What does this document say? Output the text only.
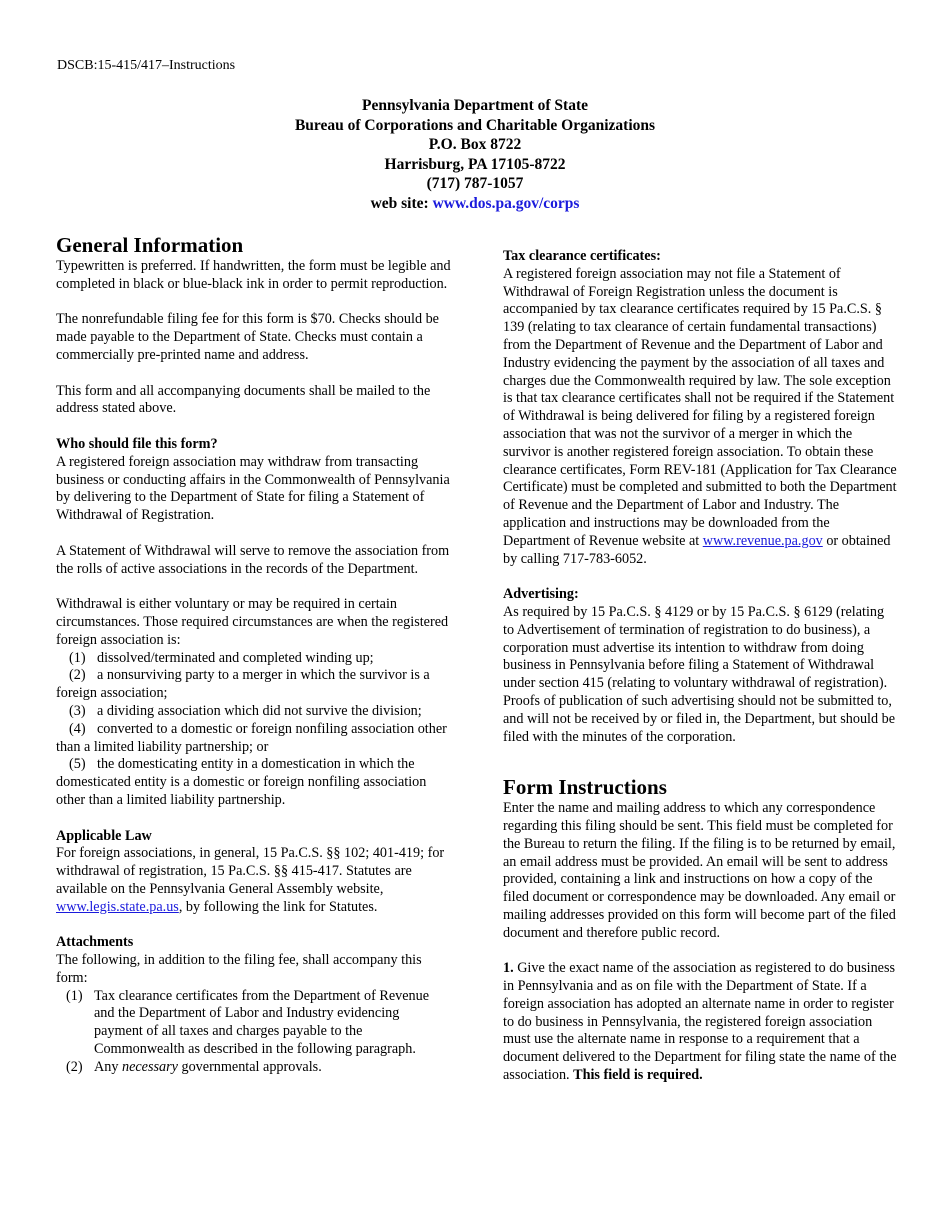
DSCB:15-415/417–Instructions
Pennsylvania Department of State
Bureau of Corporations and Charitable Organizations
P.O. Box 8722
Harrisburg, PA 17105-8722
(717) 787-1057
web site: www.dos.pa.gov/corps
General Information

Typewritten is preferred. If handwritten, the form must be legible and completed in black or blue-black ink in order to permit reproduction.

The nonrefundable filing fee for this form is $70. Checks should be made payable to the Department of State. Checks must contain a commercially pre-printed name and address.

This form and all accompanying documents shall be mailed to the address stated above.

Who should file this form?

A registered foreign association may withdraw from transacting business or conducting affairs in the Commonwealth of Pennsylvania by delivering to the Department of State for filing a Statement of Withdrawal of Registration.

A Statement of Withdrawal will serve to remove the association from the rolls of active associations in the records of the Department.

Withdrawal is either voluntary or may be required in certain circumstances. Those required circumstances are when the registered foreign association is:
(1) dissolved/terminated and completed winding up;
(2) a nonsurviving party to a merger in which the survivor is a foreign association;
(3) a dividing association which did not survive the division;
(4) converted to a domestic or foreign nonfiling association other than a limited liability partnership; or
(5) the domesticating entity in a domestication in which the domesticated entity is a domestic or foreign nonfiling association other than a limited liability partnership.
Applicable Law

For foreign associations, in general, 15 Pa.C.S. §§ 102; 401-419; for withdrawal of registration, 15 Pa.C.S. §§ 415-417. Statutes are available on the Pennsylvania General Assembly website, www.legis.state.pa.us, by following the link for Statutes.

Attachments
The following, in addition to the filing fee, shall accompany this form:
(1) Tax clearance certificates from the Department of Revenue and the Department of Labor and Industry evidencing payment of all taxes and charges payable to the Commonwealth as described in the following paragraph.
(2) Any necessary governmental approvals.
Tax clearance certificates:

A registered foreign association may not file a Statement of Withdrawal of Foreign Registration unless the document is accompanied by tax clearance certificates required by 15 Pa.C.S. § 139 (relating to tax clearance of certain fundamental transactions) from the Department of Revenue and the Department of Labor and Industry evidencing the payment by the association of all taxes and charges due the Commonwealth required by law. The sole exception is that tax clearance certificates shall not be required if the Statement of Withdrawal is being delivered for filing by a registered foreign association that was not the survivor of a merger in which the survivor is another registered foreign association. To obtain these clearance certificates, Form REV-181 (Application for Tax Clearance Certificate) must be completed and submitted to both the Department of Revenue and the Department of Labor and Industry. The application and instructions may be downloaded from the Department of Revenue website at www.revenue.pa.gov or obtained by calling 717-783-6052.

Advertising:

As required by 15 Pa.C.S. § 4129 or by 15 Pa.C.S. § 6129 (relating to Advertisement of termination of registration to do business), a corporation must advertise its intention to withdraw from doing business in Pennsylvania before filing a Statement of Withdrawal under section 415 (relating to voluntary withdrawal of registration). Proofs of publication of such advertising should not be submitted to, and will not be received by or filed in, the Department, but should be filed with the minutes of the corporation.

Form Instructions

Enter the name and mailing address to which any correspondence regarding this filing should be sent. This field must be completed for the Bureau to return the filing. If the filing is to be returned by email, an email address must be provided. An email will be sent to address provided, containing a link and instructions on how a copy of the filed document or correspondence may be downloaded. Any email or mailing addresses provided on this form will become part of the filed document and therefore public record.

1. Give the exact name of the association as registered to do business in Pennsylvania and as on file with the Department of State. If a foreign association has adopted an alternate name in order to register to do business in Pennsylvania, the registered foreign association must use the alternate name in response to a requirement that a document delivered to the Department for filing state the name of the association. This field is required.
